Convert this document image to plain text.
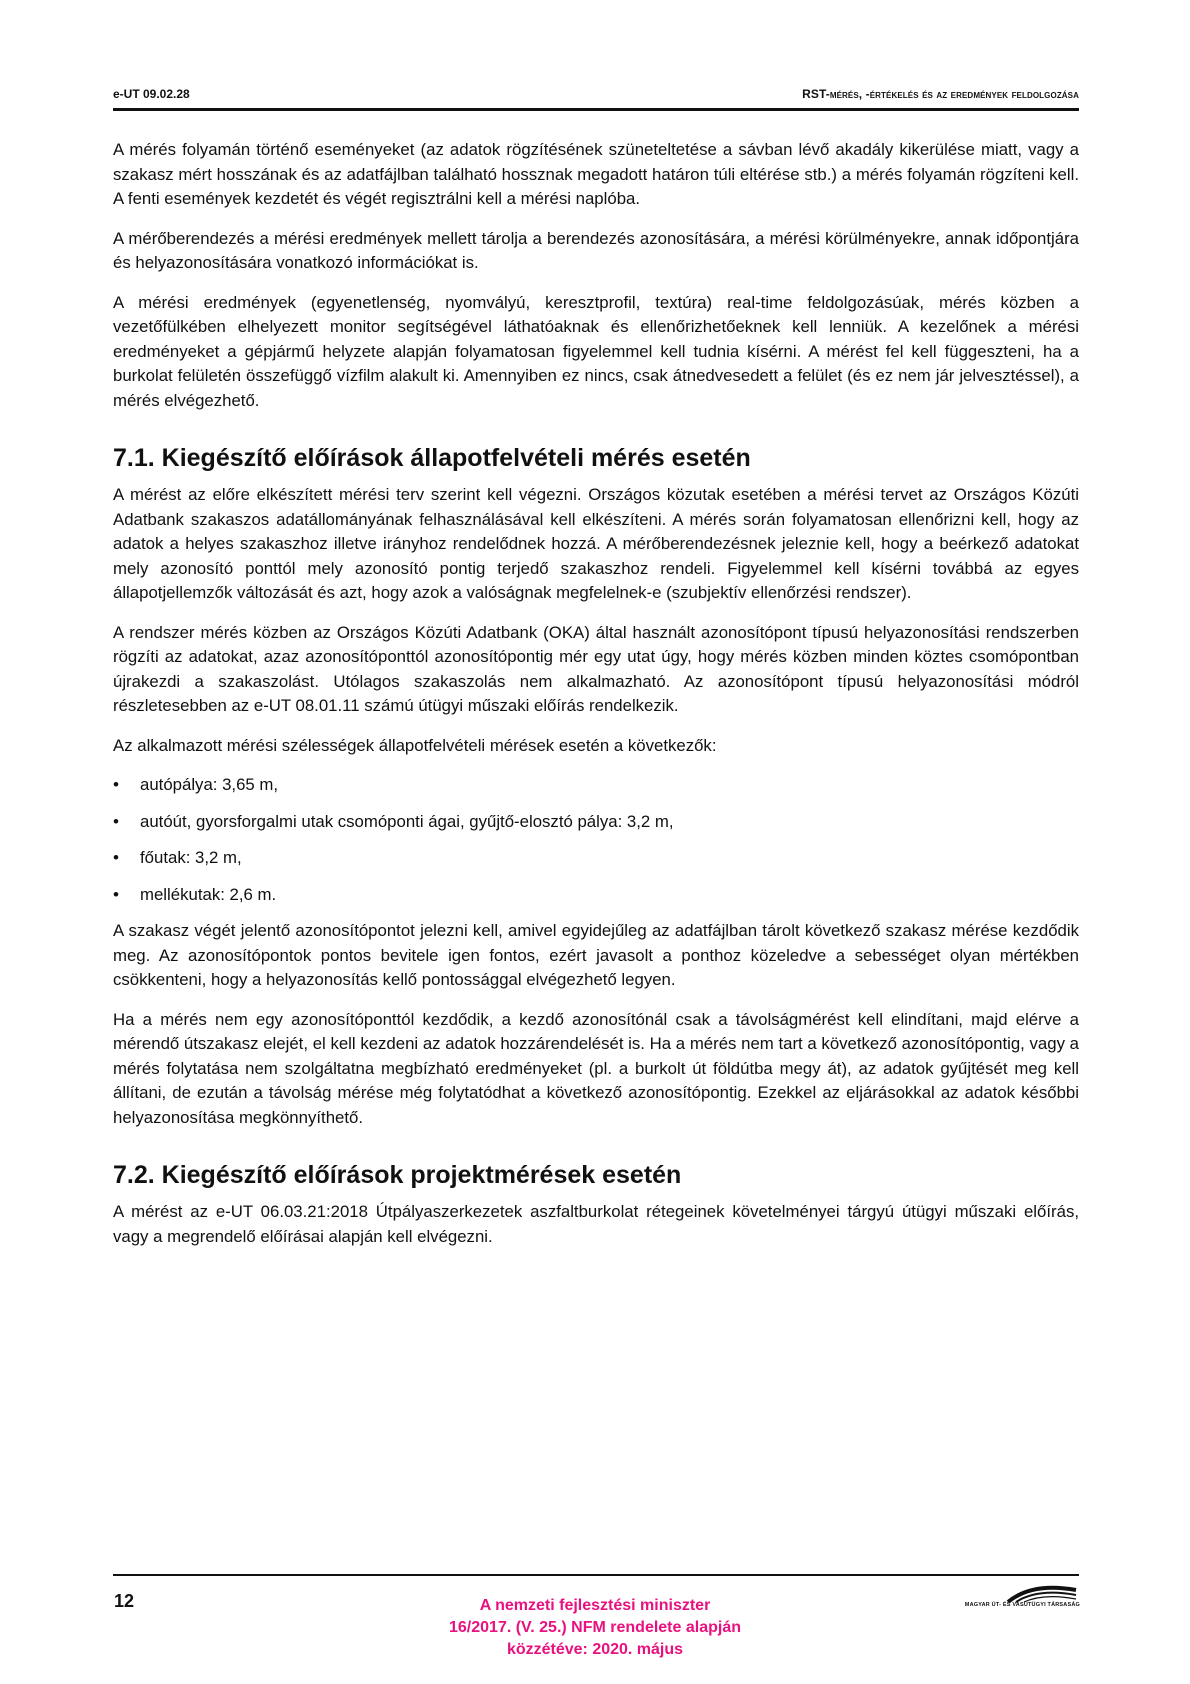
e-UT 09.02.28	RST-mérés, -értékelés és az eredmények feldolgozása

A mérés folyamán történő eseményeket (az adatok rögzítésének szüneteltetése a sávban lévő akadály kikerülése miatt, vagy a szakasz mért hosszának és az adatfájlban található hossznak megadott határon túli eltérése stb.) a mérés folyamán rögzíteni kell. A fenti események kezdetét és végét regisztrálni kell a mérési naplóba.

A mérőberendezés a mérési eredmények mellett tárolja a berendezés azonosítására, a mérési körülményekre, annak időpontjára és helyazonosítására vonatkozó információkat is.

A mérési eredmények (egyenetlenség, nyomvályú, keresztprofil, textúra) real-time feldolgozásúak, mérés közben a vezetőfülkében elhelyezett monitor segítségével láthatóaknak és ellenőrizhetőeknek kell lenniük. A kezelőnek a mérési eredményeket a gépjármű helyzete alapján folyamatosan figyelemmel kell tudnia kísérni. A mérést fel kell függeszteni, ha a burkolat felületén összefüggő vízfilm alakult ki. Amennyiben ez nincs, csak átnedvesedett a felület (és ez nem jár jelvesztéssel), a mérés elvégezhető.

7.1. Kiegészítő előírások állapotfelvételi mérés esetén

A mérést az előre elkészített mérési terv szerint kell végezni. Országos közutak esetében a mérési tervet az Országos Közúti Adatbank szakaszos adatállományának felhasználásával kell elkészíteni. A mérés során folyamatosan ellenőrizni kell, hogy az adatok a helyes szakaszhoz illetve irányhoz rendelődnek hozzá. A mérőberendezésnek jeleznie kell, hogy a beérkező adatokat mely azonosító ponttól mely azonosító pontig terjedő szakaszhoz rendeli. Figyelemmel kell kísérni továbbá az egyes állapotjellemzők változását és azt, hogy azok a valóságnak megfelelnek-e (szubjektív ellenőrzési rendszer).

A rendszer mérés közben az Országos Közúti Adatbank (OKA) által használt azonosítópont típusú helyazonosítási rendszerben rögzíti az adatokat, azaz azonosítóponttól azonosítópontig mér egy utat úgy, hogy mérés közben minden köztes csomópontban újrakezdi a szakaszolást. Utólagos szakaszolás nem alkalmazható. Az azonosítópont típusú helyazonosítási módról részletesebben az e-UT 08.01.11 számú útügyi műszaki előírás rendelkezik.

Az alkalmazott mérési szélességek állapotfelvételi mérések esetén a következők:

• autópálya: 3,65 m,
• autóút, gyorsforgalmi utak csomóponti ágai, gyűjtő-elosztó pálya: 3,2 m,
• főutak: 3,2 m,
• mellékutak: 2,6 m.

A szakasz végét jelentő azonosítópontot jelezni kell, amivel egyidejűleg az adatfájlban tárolt következő szakasz mérése kezdődik meg. Az azonosítópontok pontos bevitele igen fontos, ezért javasolt a ponthoz közeledve a sebességet olyan mértékben csökkenteni, hogy a helyazonosítás kellő pontossággal elvégezhető legyen.

Ha a mérés nem egy azonosítóponttól kezdődik, a kezdő azonosítónál csak a távolságmérést kell elindítani, majd elérve a mérendő útszakasz elejét, el kell kezdeni az adatok hozzárendelését is. Ha a mérés nem tart a következő azonosítópontig, vagy a mérés folytatása nem szolgáltatna megbízható eredményeket (pl. a burkolt út földútba megy át), az adatok gyűjtését meg kell állítani, de ezután a távolság mérése még folytatódhat a következő azonosítópontig. Ezekkel az eljárásokkal az adatok későbbi helyazonosítása megkönnyíthető.

7.2. Kiegészítő előírások projektmérések esetén

A mérést az e-UT 06.03.21:2018 Útpályaszerkezetek aszfaltburkolat rétegeinek követelményei tárgyú útügyi műszaki előírás, vagy a megrendelő előírásai alapján kell elvégezni.

12	A nemzeti fejlesztési miniszter
16/2017. (V. 25.) NFM rendelete alapján
közzétéve: 2020. május
MAGYAR ÚT- ÉS VASÚTÜGYI TÁRSASÁG
